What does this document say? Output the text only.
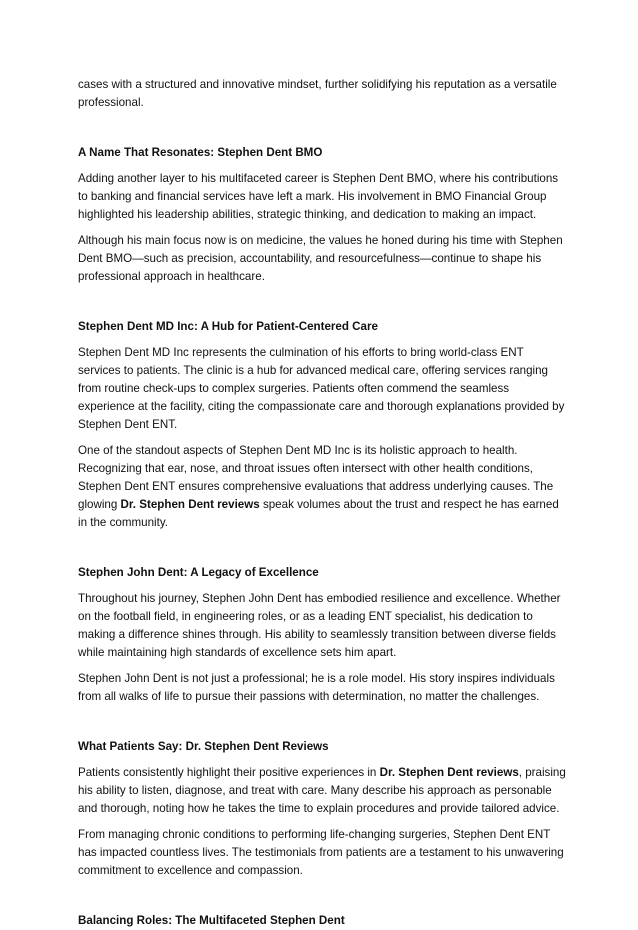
cases with a structured and innovative mindset, further solidifying his reputation as a versatile professional.

A Name That Resonates: Stephen Dent BMO

Adding another layer to his multifaceted career is Stephen Dent BMO, where his contributions to banking and financial services have left a mark. His involvement in BMO Financial Group highlighted his leadership abilities, strategic thinking, and dedication to making an impact.

Although his main focus now is on medicine, the values he honed during his time with Stephen Dent BMO—such as precision, accountability, and resourcefulness—continue to shape his professional approach in healthcare.

Stephen Dent MD Inc: A Hub for Patient-Centered Care

Stephen Dent MD Inc represents the culmination of his efforts to bring world-class ENT services to patients. The clinic is a hub for advanced medical care, offering services ranging from routine check-ups to complex surgeries. Patients often commend the seamless experience at the facility, citing the compassionate care and thorough explanations provided by Stephen Dent ENT.

One of the standout aspects of Stephen Dent MD Inc is its holistic approach to health. Recognizing that ear, nose, and throat issues often intersect with other health conditions, Stephen Dent ENT ensures comprehensive evaluations that address underlying causes. The glowing Dr. Stephen Dent reviews speak volumes about the trust and respect he has earned in the community.

Stephen John Dent: A Legacy of Excellence

Throughout his journey, Stephen John Dent has embodied resilience and excellence. Whether on the football field, in engineering roles, or as a leading ENT specialist, his dedication to making a difference shines through. His ability to seamlessly transition between diverse fields while maintaining high standards of excellence sets him apart.

Stephen John Dent is not just a professional; he is a role model. His story inspires individuals from all walks of life to pursue their passions with determination, no matter the challenges.

What Patients Say: Dr. Stephen Dent Reviews

Patients consistently highlight their positive experiences in Dr. Stephen Dent reviews, praising his ability to listen, diagnose, and treat with care. Many describe his approach as personable and thorough, noting how he takes the time to explain procedures and provide tailored advice.

From managing chronic conditions to performing life-changing surgeries, Stephen Dent ENT has impacted countless lives. The testimonials from patients are a testament to his unwavering commitment to excellence and compassion.

Balancing Roles: The Multifaceted Stephen Dent
